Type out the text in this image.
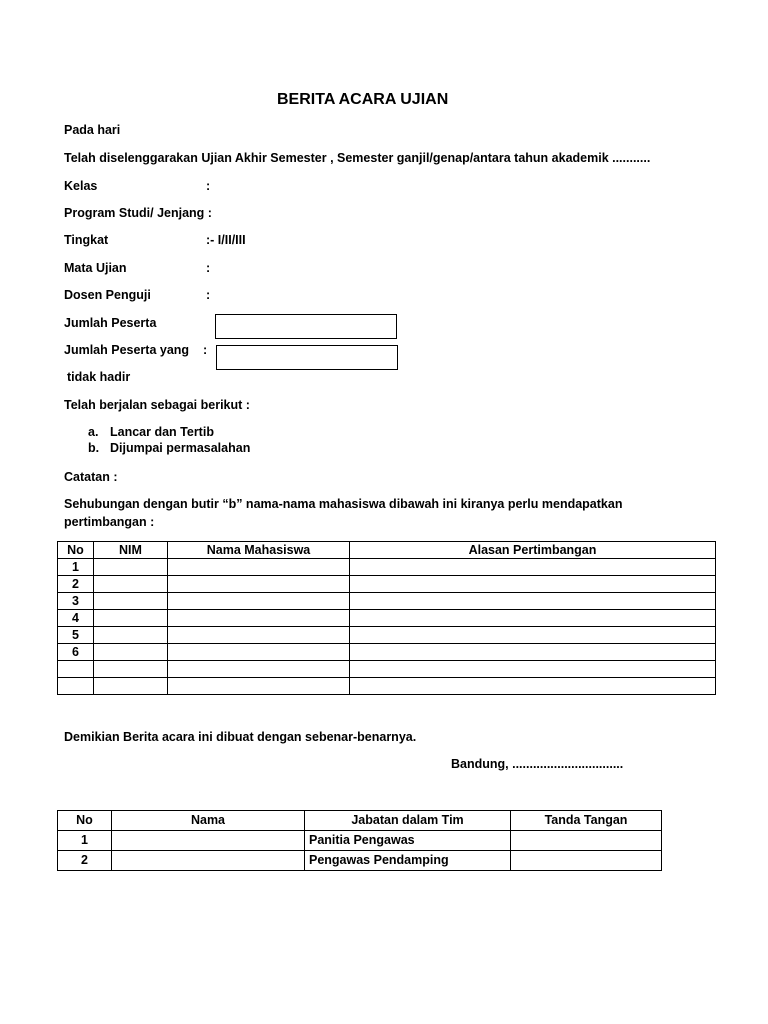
BERITA ACARA UJIAN
Pada hari
Telah diselenggarakan Ujian Akhir Semester , Semester ganjil/genap/antara tahun akademik ...........
Kelas	:
Program Studi/ Jenjang :
Tingkat	:- I/II/III
Mata Ujian	:
Dosen Penguji	:
Jumlah Peserta
Jumlah Peserta yang :
tidak hadir
Telah berjalan sebagai berikut :
a. Lancar dan Tertib
b. Dijumpai permasalahan
Catatan :
Sehubungan dengan butir “b” nama-nama mahasiswa dibawah ini kiranya perlu mendapatkan
pertimbangan :
No	NIM	Nama Mahasiswa	Alasan Pertimbangan
1			
2			
3			
4			
5			
6			

Demikian Berita acara ini dibuat dengan sebenar-benarnya.
Bandung, ................................
No	Nama	Jabatan dalam Tim	Tanda Tangan
1		Panitia Pengawas	
2		Pengawas Pendamping	
